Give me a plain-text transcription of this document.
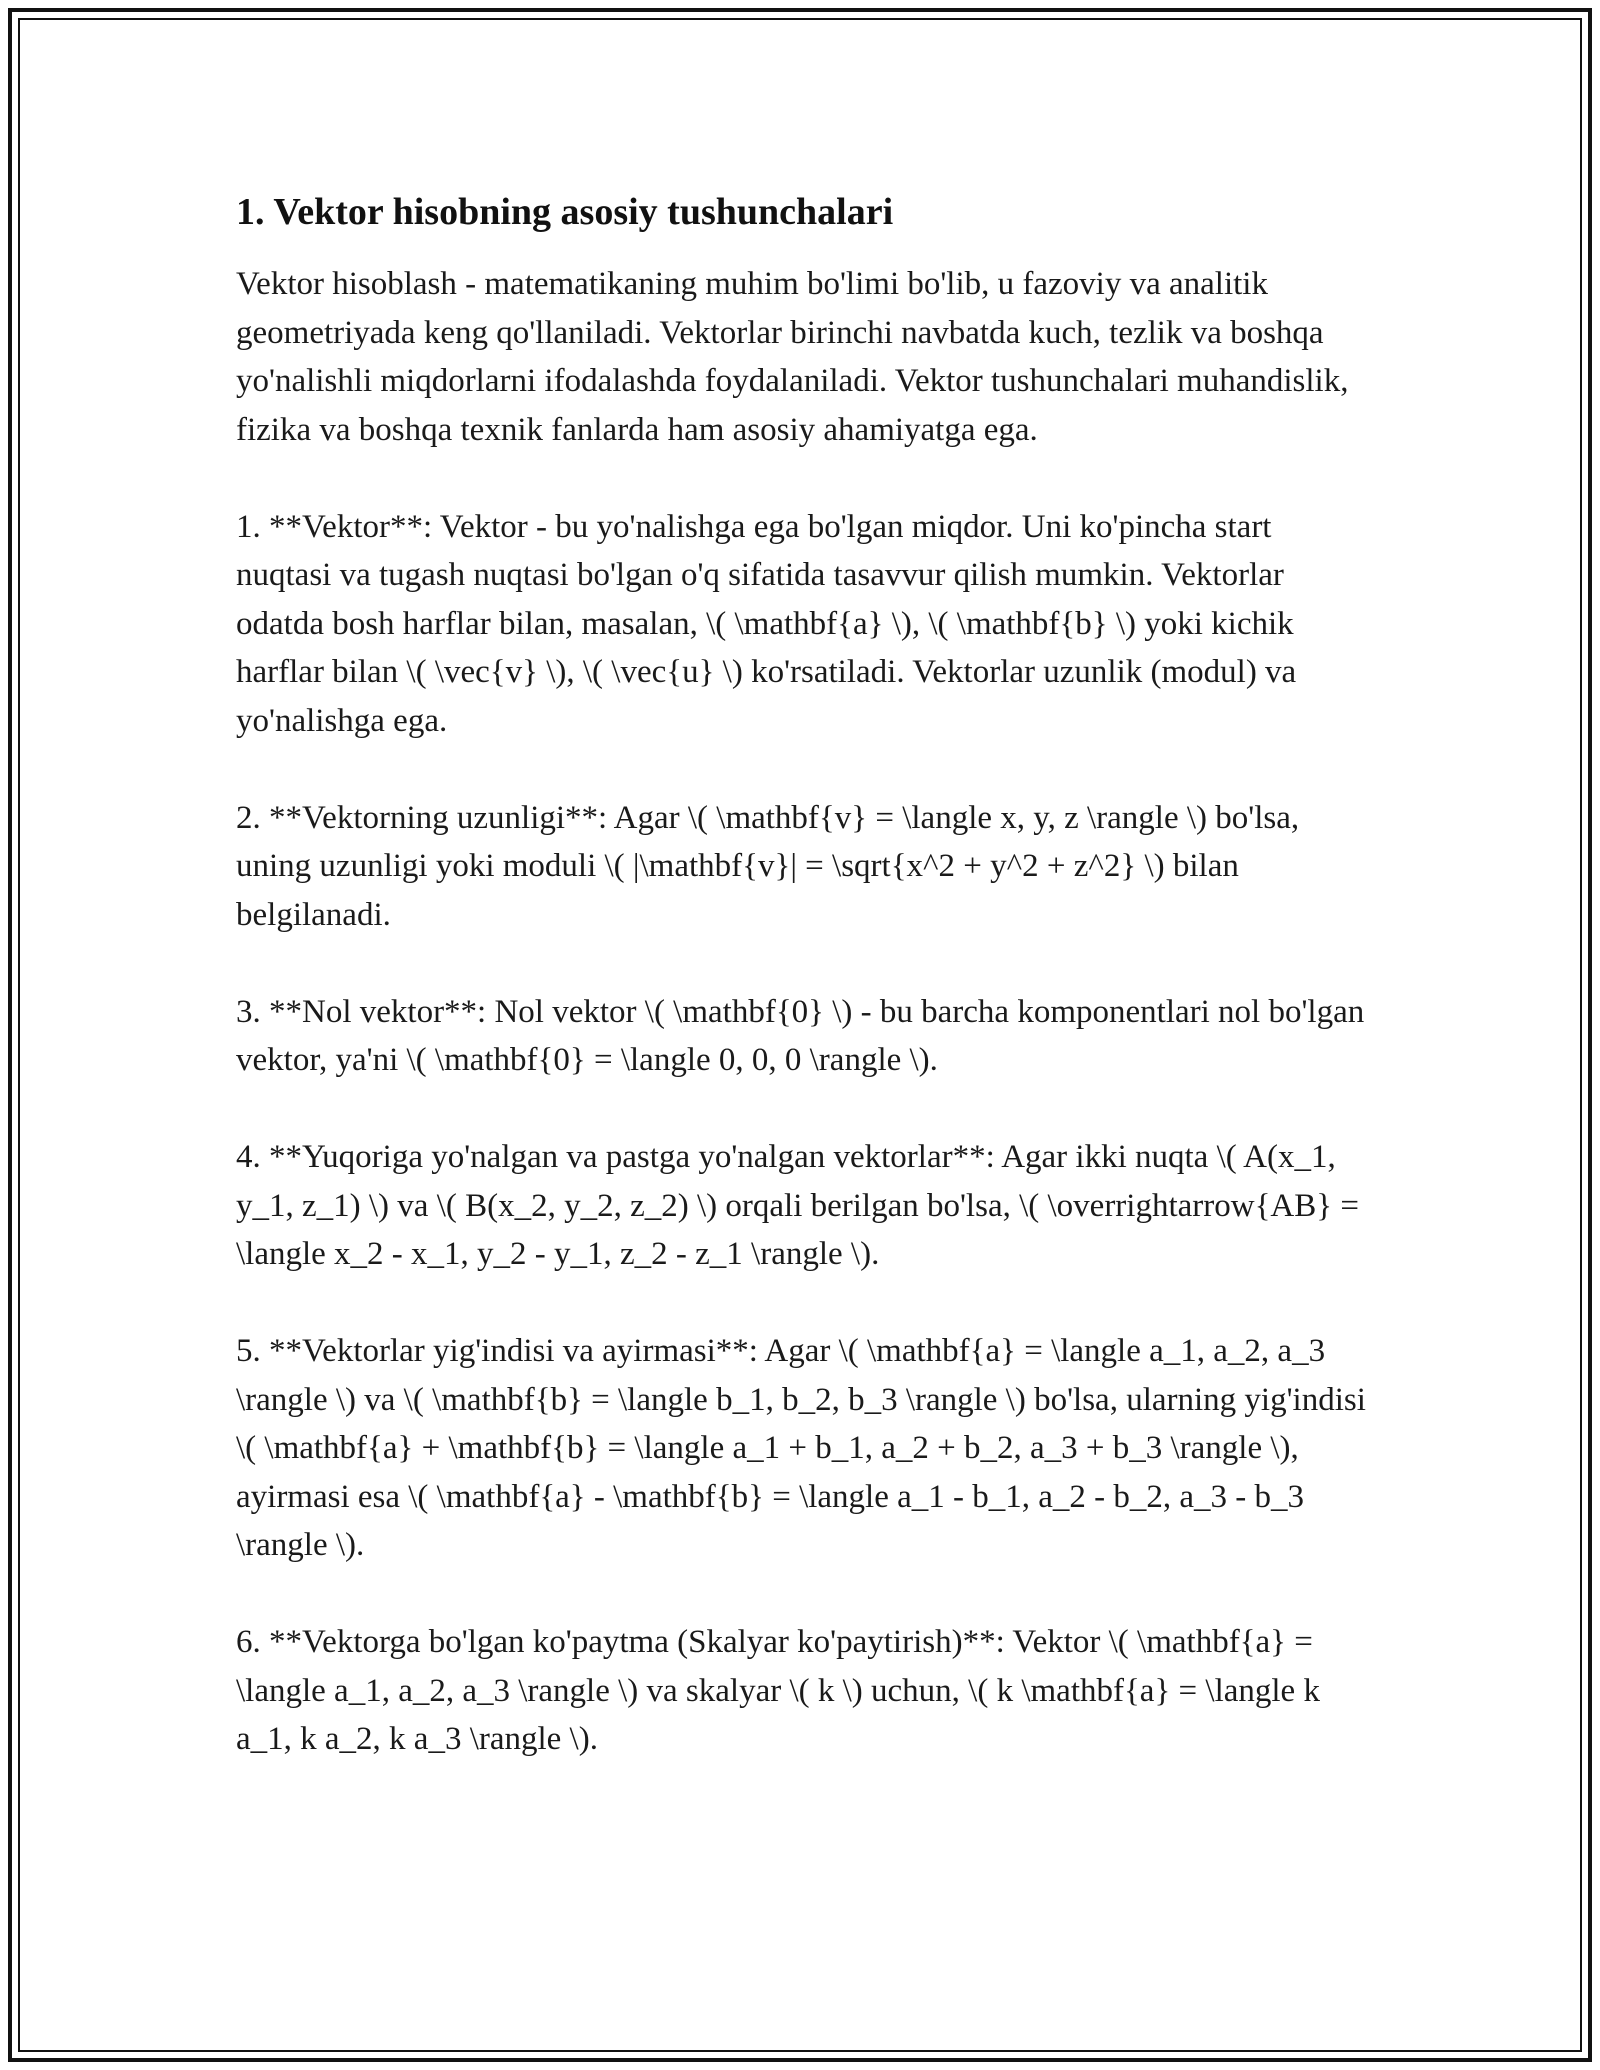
1. Vektor hisobning asosiy tushunchalari

Vektor hisoblash - matematikaning muhim bo'limi bo'lib, u fazoviy va analitik geometriyada keng qo'llaniladi. Vektorlar birinchi navbatda kuch, tezlik va boshqa yo'nalishli miqdorlarni ifodalashda foydalaniladi. Vektor tushunchalari muhandislik, fizika va boshqa texnik fanlarda ham asosiy ahamiyatga ega.

1. **Vektor**: Vektor - bu yo'nalishga ega bo'lgan miqdor. Uni ko'pincha start nuqtasi va tugash nuqtasi bo'lgan o'q sifatida tasavvur qilish mumkin. Vektorlar odatda bosh harflar bilan, masalan, \( \mathbf{a} \), \( \mathbf{b} \) yoki kichik harflar bilan \( \vec{v} \), \( \vec{u} \) ko'rsatiladi. Vektorlar uzunlik (modul) va yo'nalishga ega.

2. **Vektorning uzunligi**: Agar \( \mathbf{v} = \langle x, y, z \rangle \) bo'lsa, uning uzunligi yoki moduli \( |\mathbf{v}| = \sqrt{x^2 + y^2 + z^2} \) bilan belgilanadi.

3. **Nol vektor**: Nol vektor \( \mathbf{0} \) - bu barcha komponentlari nol bo'lgan vektor, ya'ni \( \mathbf{0} = \langle 0, 0, 0 \rangle \).

4. **Yuqoriga yo'nalgan va pastga yo'nalgan vektorlar**: Agar ikki nuqta \( A(x_1, y_1, z_1) \) va \( B(x_2, y_2, z_2) \) orqali berilgan bo'lsa, \( \overrightarrow{AB} = \langle x_2 - x_1, y_2 - y_1, z_2 - z_1 \rangle \).

5. **Vektorlar yig'indisi va ayirmasi**: Agar \( \mathbf{a} = \langle a_1, a_2, a_3 \rangle \) va \( \mathbf{b} = \langle b_1, b_2, b_3 \rangle \) bo'lsa, ularning yig'indisi \( \mathbf{a} + \mathbf{b} = \langle a_1 + b_1, a_2 + b_2, a_3 + b_3 \rangle \), ayirmasi esa \( \mathbf{a} - \mathbf{b} = \langle a_1 - b_1, a_2 - b_2, a_3 - b_3 \rangle \).

6. **Vektorga bo'lgan ko'paytma (Skalyar ko'paytirish)**: Vektor \( \mathbf{a} = \langle a_1, a_2, a_3 \rangle \) va skalyar \( k \) uchun, \( k \mathbf{a} = \langle k a_1, k a_2, k a_3 \rangle \).
